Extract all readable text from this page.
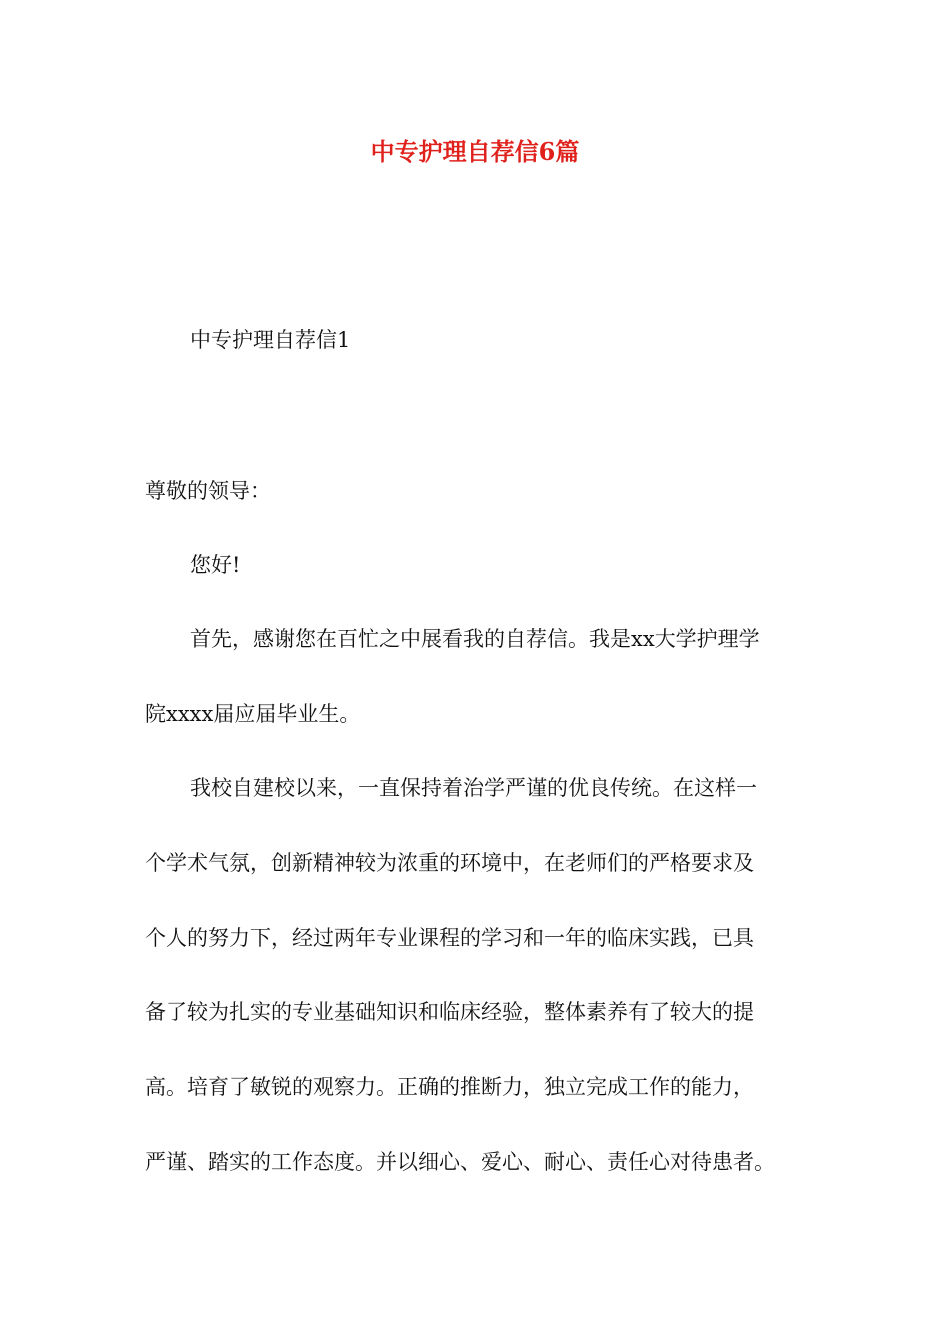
中专护理自荐信6篇

中专护理自荐信1

尊敬的领导：

您好!

首先，感谢您在百忙之中展看我的自荐信。我是xx大学护理学

院xxxx届应届毕业生。

我校自建校以来，一直保持着治学严谨的优良传统。在这样一

个学术气氛，创新精神较为浓重的环境中，在老师们的严格要求及

个人的努力下，经过两年专业课程的学习和一年的临床实践，已具

备了较为扎实的专业基础知识和临床经验，整体素养有了较大的提

高。培育了敏锐的观察力。正确的推断力，独立完成工作的能力，

严谨、踏实的工作态度。并以细心、爱心、耐心、责任心对待患者。
